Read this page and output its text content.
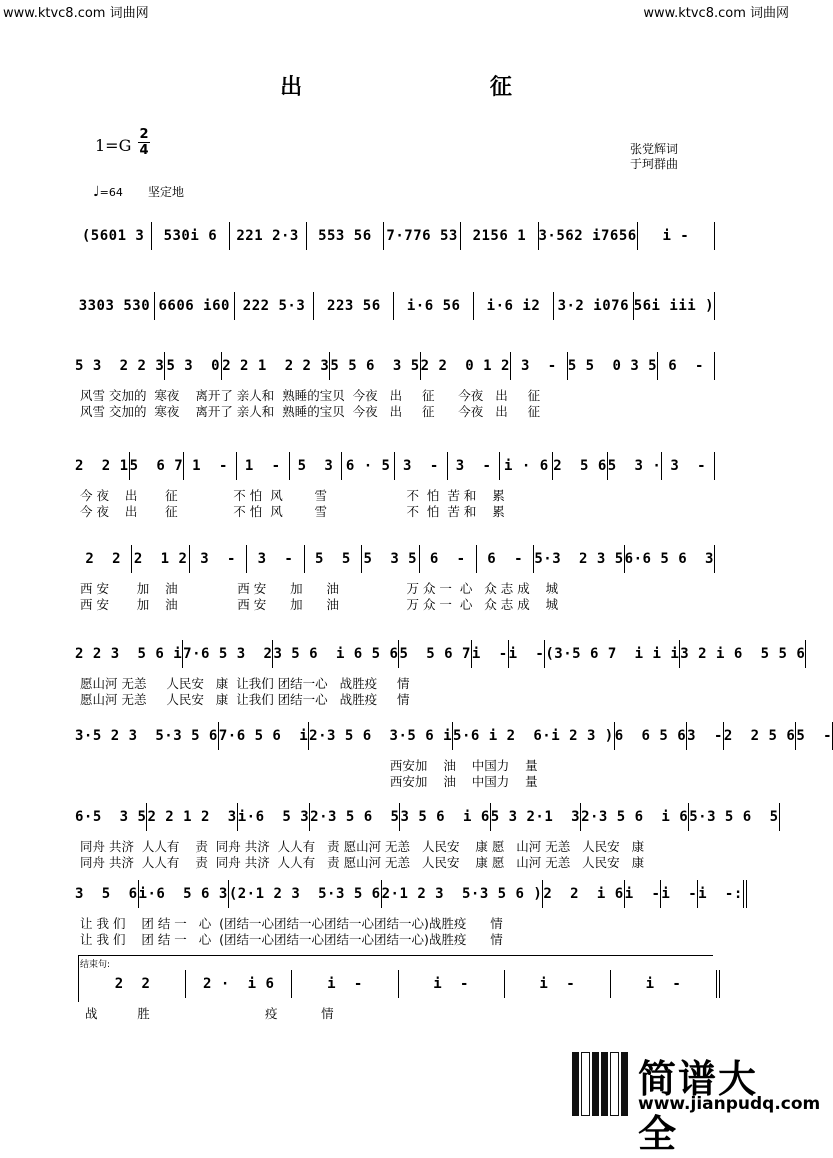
www.ktvc8.com 词曲网	www.ktvc8.com 词曲网
出 征
1=G
2
4	张党辉词
于珂群曲
♩=64 坚定地
(5601 3	530i 6	221 2·3	553 56	7·776 53	2156 1 3·562 i7656	i -
3303 530 6606 i60 222 5·3	223 56	i·6 56	i·6 i2	3·2 i076 56i iii )
5 3  2 2 3 5 3  0 2 2 1  2 2 3 5 5 6  3 5 2 2  0 1 2 3  - 5 5  0 3 5 6  -
风雪 交加的  寒夜    离开了 亲人和  熟睡的宝贝  今夜   出     征      今夜   出     征
风雪 交加的  寒夜    离开了 亲人和  熟睡的宝贝  今夜   出     征      今夜   出     征
2  2 1 5  6 7 1  -	1  -	5  3 6 · 5 3  -	3  - i · 6 2  5 6 5  3 · 3  -
今 夜    出       征              不 怕  风        雪                    不  怕  苦 和    累
今 夜    出       征              不 怕  风        雪                    不  怕  苦 和    累
2  2 2  1 2 3  -	3  -	5  5 5  3 5 6  -	6  - 5·3  2 3 5 6·6 5 6  3
西 安       加    油               西 安      加      油                 万 众 一  心   众 志 成    城
西 安       加    油               西 安      加      油                 万 众 一  心   众 志 成    城
2 2 3  5 6 i 7·6 5 3  2 3 5 6  i 6 5 6 5  5 6 7 i  - i  - (3·5 6 7  i i i 3 2 i 6  5 5 6
愿山河 无恙     人民安   康  让我们 团结一心   战胜疫     情
愿山河 无恙     人民安   康  让我们 团结一心   战胜疫     情
3·5 2 3  5·3 5 6 7·6 5 6  i 2·3 5 6  3·5 6 i 5·6 i 2  6·i 2 3 ) 6  6 5 6 3  - 2  2 5 6 5  -
西安加    油    中国力    量
西安加    油    中国力    量
6·5  3 5 2 2 1 2  3 i·6  5 3 2·3 5 6  5 3 5 6  i 6 5 3 2·1  3 2·3 5 6  i 6 5·3 5 6  5
同舟 共济  人人有    责  同舟 共济  人人有   责 愿山河 无恙   人民安    康 愿   山河 无恙   人民安   康
同舟 共济  人人有    责  同舟 共济  人人有   责 愿山河 无恙   人民安    康 愿   山河 无恙   人民安   康
3  5  6 i·6  5 6 3 (2·1 2 3  5·3 5 6 2·1 2 3  5·3 5 6 ) 2  2  i 6 i  - i  - i  -:
让 我 们    团 结 一   心  (团结一心团结一心团结一心团结一心)战胜疫      情
让 我 们    团 结 一   心  (团结一心团结一心团结一心团结一心)战胜疫      情
2  2	2 ·  i 6	i  -	i  -	i  -	i  -
战          胜                             疫           情
结束句:
简谱大全
www.jianpudq.com
